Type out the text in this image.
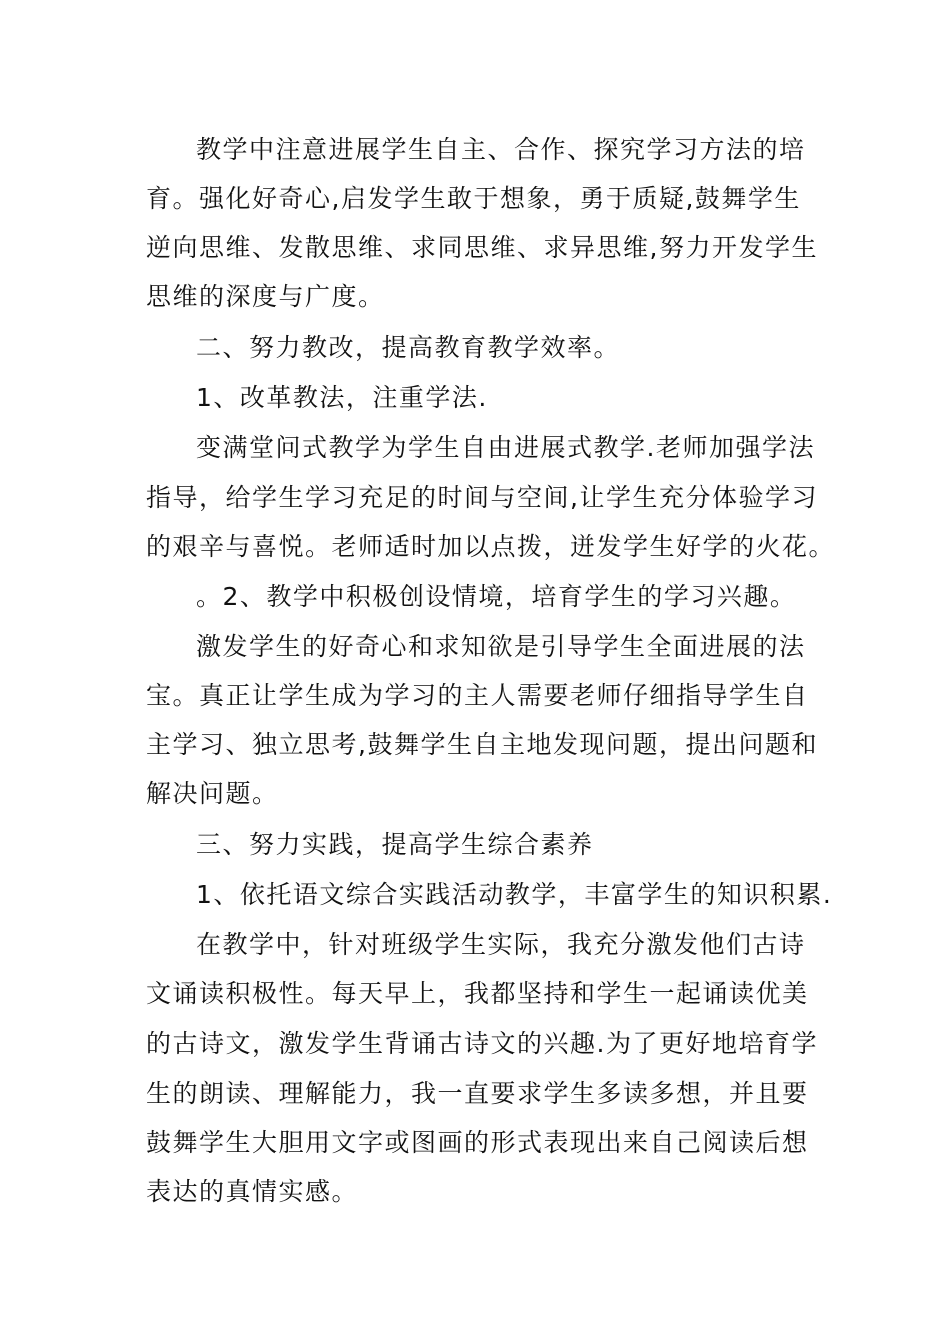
教学中注意进展学生自主、合作、探究学习方法的培
育。强化好奇心,启发学生敢于想象，勇于质疑,鼓舞学生
逆向思维、发散思维、求同思维、求异思维,努力开发学生
思维的深度与广度。
二、努力教改，提高教育教学效率。
1、改革教法，注重学法.
变满堂问式教学为学生自由进展式教学.老师加强学法
指导，给学生学习充足的时间与空间,让学生充分体验学习
的艰辛与喜悦。老师适时加以点拨，迸发学生好学的火花。
。2、教学中积极创设情境，培育学生的学习兴趣。
激发学生的好奇心和求知欲是引导学生全面进展的法
宝。真正让学生成为学习的主人需要老师仔细指导学生自
主学习、独立思考,鼓舞学生自主地发现问题，提出问题和
解决问题。
三、努力实践，提高学生综合素养
1、依托语文综合实践活动教学，丰富学生的知识积累.
在教学中，针对班级学生实际，我充分激发他们古诗
文诵读积极性。每天早上，我都坚持和学生一起诵读优美
的古诗文，激发学生背诵古诗文的兴趣.为了更好地培育学
生的朗读、理解能力，我一直要求学生多读多想，并且要
鼓舞学生大胆用文字或图画的形式表现出来自己阅读后想
表达的真情实感。
